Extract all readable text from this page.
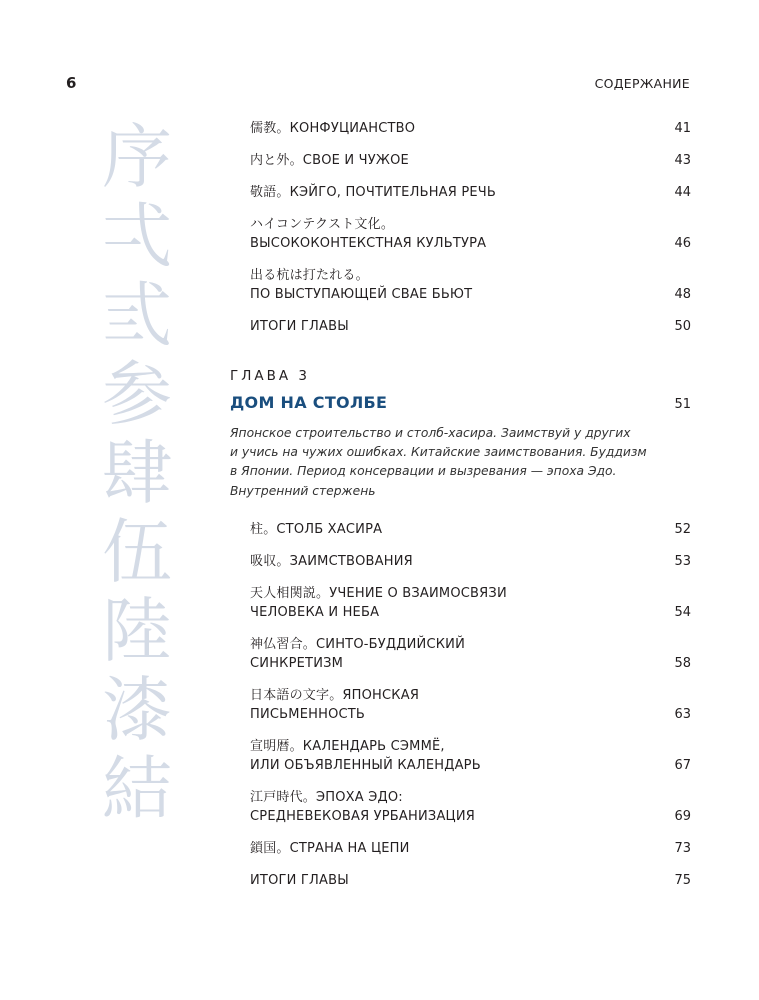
6	СОДЕРЖАНИЕ

序
弌
弎
参
肆
伍
陸
漆
結
儒教。КОНФУЦИАНСТВО	41
内と外。СВОЕ И ЧУЖОЕ	43
敬語。КЭЙГО, ПОЧТИТЕЛЬНАЯ РЕЧЬ	44
ハイコンテクスト文化。
ВЫСОКОКОНТЕКСТНАЯ КУЛЬТУРА	46
出る杭は打たれる。
ПО ВЫСТУПАЮЩЕЙ СВАЕ БЬЮТ	48
ИТОГИ ГЛАВЫ	50
ГЛАВА 3
ДОМ НА СТОЛБЕ	51
Японское строительство и столб-хасира. Заимствуй у других
и учись на чужих ошибках. Китайские заимствования. Буддизм
в Японии. Период консервации и вызревания — эпоха Эдо.
Внутренний стержень
柱。СТОЛБ ХАСИРА	52
吸収。ЗАИМСТВОВАНИЯ	53
天人相関説。УЧЕНИЕ О ВЗАИМОСВЯЗИ
ЧЕЛОВЕКА И НЕБА	54
神仏習合。СИНТО-БУДДИЙСКИЙ
СИНКРЕТИЗМ	58
日本語の文字。ЯПОНСКАЯ
ПИСЬМЕННОСТЬ	63
宣明暦。КАЛЕНДАРЬ СЭММЁ,
ИЛИ ОБЪЯВЛЕННЫЙ КАЛЕНДАРЬ	67
江戸時代。ЭПОХА ЭДО:
СРЕДНЕВЕКОВАЯ УРБАНИЗАЦИЯ	69
鎖国。СТРАНА НА ЦЕПИ	73
ИТОГИ ГЛАВЫ	75
